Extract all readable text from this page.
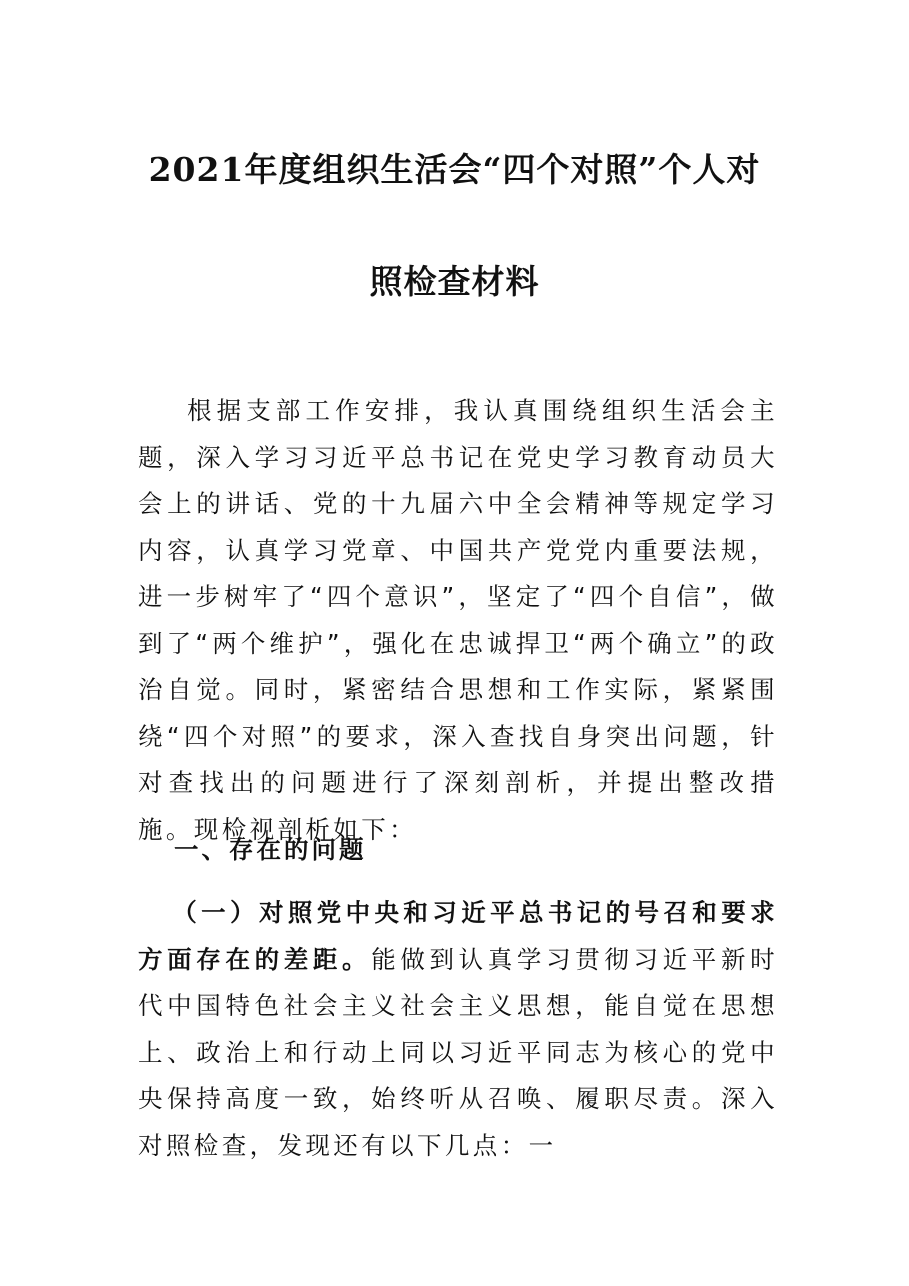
2021年度组织生活会“四个对照”个人对
照检查材料

根据支部工作安排，我认真围绕组织生活会主题，深入学习习近平总书记在党史学习教育动员大会上的讲话、党的十九届六中全会精神等规定学习内容，认真学习党章、中国共产党党内重要法规，进一步树牢了“四个意识”，坚定了“四个自信”，做到了“两个维护”，强化在忠诚捍卫“两个确立”的政治自觉。同时，紧密结合思想和工作实际，紧紧围绕“四个对照”的要求，深入查找自身突出问题，针对查找出的问题进行了深刻剖析，并提出整改措施。现检视剖析如下：

一、存在的问题

（一）对照党中央和习近平总书记的号召和要求方面存在的差距。能做到认真学习贯彻习近平新时代中国特色社会主义社会主义思想，能自觉在思想上、政治上和行动上同以习近平同志为核心的党中央保持高度一致，始终听从召唤、履职尽责。深入对照检查，发现还有以下几点：一
